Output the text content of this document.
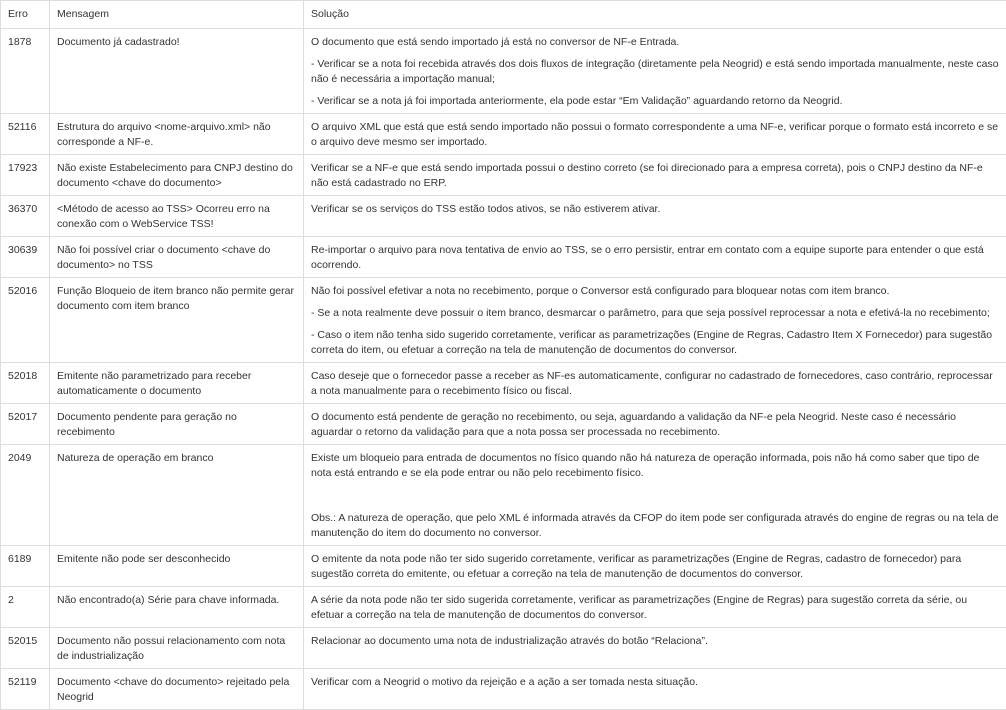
Erro	Mensagem	Solução
1878	Documento já cadastrado!	O documento que está sendo importado já está no conversor de NF-e Entrada.

- Verificar se a nota foi recebida através dos dois fluxos de integração (diretamente pela Neogrid) e está sendo importada manualmente, neste caso não é necessária a importação manual;

- Verificar se a nota já foi importada anteriormente, ela pode estar “Em Validação” aguardando retorno da Neogrid.

52116	Estrutura do arquivo <nome-arquivo.xml> não corresponde a NF-e.	O arquivo XML que está que está sendo importado não possui o formato correspondente a uma NF-e, verificar porque o formato está incorreto e se o arquivo deve mesmo ser importado.

17923	Não existe Estabelecimento para CNPJ destino do documento <chave do documento>	Verificar se a NF-e que está sendo importada possui o destino correto (se foi direcionado para a empresa correta), pois o CNPJ destino da NF-e não está cadastrado no ERP.

36370	<Método de acesso ao TSS> Ocorreu erro na conexão com o WebService TSS!	Verificar se os serviços do TSS estão todos ativos, se não estiverem ativar.

30639	Não foi possível criar o documento <chave do documento> no TSS	Re-importar o arquivo para nova tentativa de envio ao TSS, se o erro persistir, entrar em contato com a equipe suporte para entender o que está ocorrendo.

52016	Função Bloqueio de item branco não permite gerar documento com item branco	Não foi possível efetivar a nota no recebimento, porque o Conversor está configurado para bloquear notas com item branco.

- Se a nota realmente deve possuir o item branco, desmarcar o parâmetro, para que seja possível reprocessar a nota e efetivá-la no recebimento;

- Caso o item não tenha sido sugerido corretamente, verificar as parametrizações (Engine de Regras, Cadastro Item X Fornecedor) para sugestão correta do item, ou efetuar a correção na tela de manutenção de documentos do conversor.

52018	Emitente não parametrizado para receber automaticamente o documento	Caso deseje que o fornecedor passe a receber as NF-es automaticamente, configurar no cadastrado de fornecedores, caso contrário, reprocessar a nota manualmente para o recebimento físico ou fiscal.

52017	Documento pendente para geração no recebimento	O documento está pendente de geração no recebimento, ou seja, aguardando a validação da NF-e pela Neogrid. Neste caso é necessário aguardar o retorno da validação para que a nota possa ser processada no recebimento.

2049	Natureza de operação em branco	Existe um bloqueio para entrada de documentos no físico quando não há natureza de operação informada, pois não há como saber que tipo de nota está entrando e se ela pode entrar ou não pelo recebimento físico.

Obs.: A natureza de operação, que pelo XML é informada através da CFOP do item pode ser configurada através do engine de regras ou na tela de manutenção do item do documento no conversor.

6189	Emitente não pode ser desconhecido	O emitente da nota pode não ter sido sugerido corretamente, verificar as parametrizações (Engine de Regras, cadastro de fornecedor) para sugestão correta do emitente, ou efetuar a correção na tela de manutenção de documentos do conversor.

2	Não encontrado(a) Série para chave informada.	A série da nota pode não ter sido sugerida corretamente, verificar as parametrizações (Engine de Regras) para sugestão correta da série, ou efetuar a correção na tela de manutenção de documentos do conversor.

52015	Documento não possui relacionamento com nota de industrialização	Relacionar ao documento uma nota de industrialização através do botão “Relaciona”.

52119	Documento <chave do documento> rejeitado pela Neogrid	Verificar com a Neogrid o motivo da rejeição e a ação a ser tomada nesta situação.
